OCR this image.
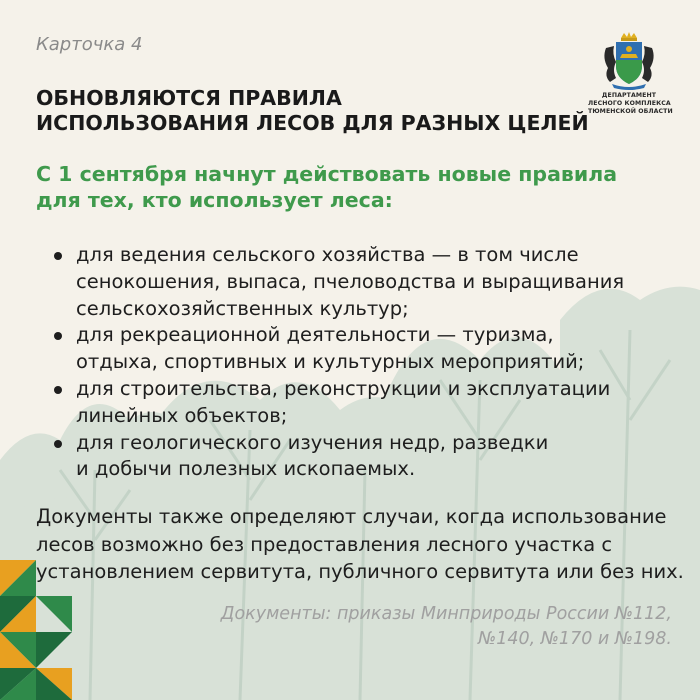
Карточка 4
ДЕПАРТАМЕНТ
ЛЕСНОГО КОМПЛЕКСА
ТЮМЕНСКОЙ ОБЛАСТИ
ОБНОВЛЯЮТСЯ ПРАВИЛА
ИСПОЛЬЗОВАНИЯ ЛЕСОВ ДЛЯ РАЗНЫХ ЦЕЛЕЙ
С 1 сентября начнут действовать новые правила
для тех, кто использует леса:
для ведения сельского хозяйства — в том числе
сенокошения, выпаса, пчеловодства и выращивания
сельскохозяйственных культур;
для рекреационной деятельности — туризма,
отдыха, спортивных и культурных мероприятий;
для строительства, реконструкции и эксплуатации
линейных объектов;
для геологического изучения недр, разведки
и добычи полезных ископаемых.
Документы также определяют случаи, когда использование
лесов возможно без предоставления лесного участка с
установлением сервитута, публичного сервитута или без них.
Документы: приказы Минприроды России №112,
№140, №170 и №198.
